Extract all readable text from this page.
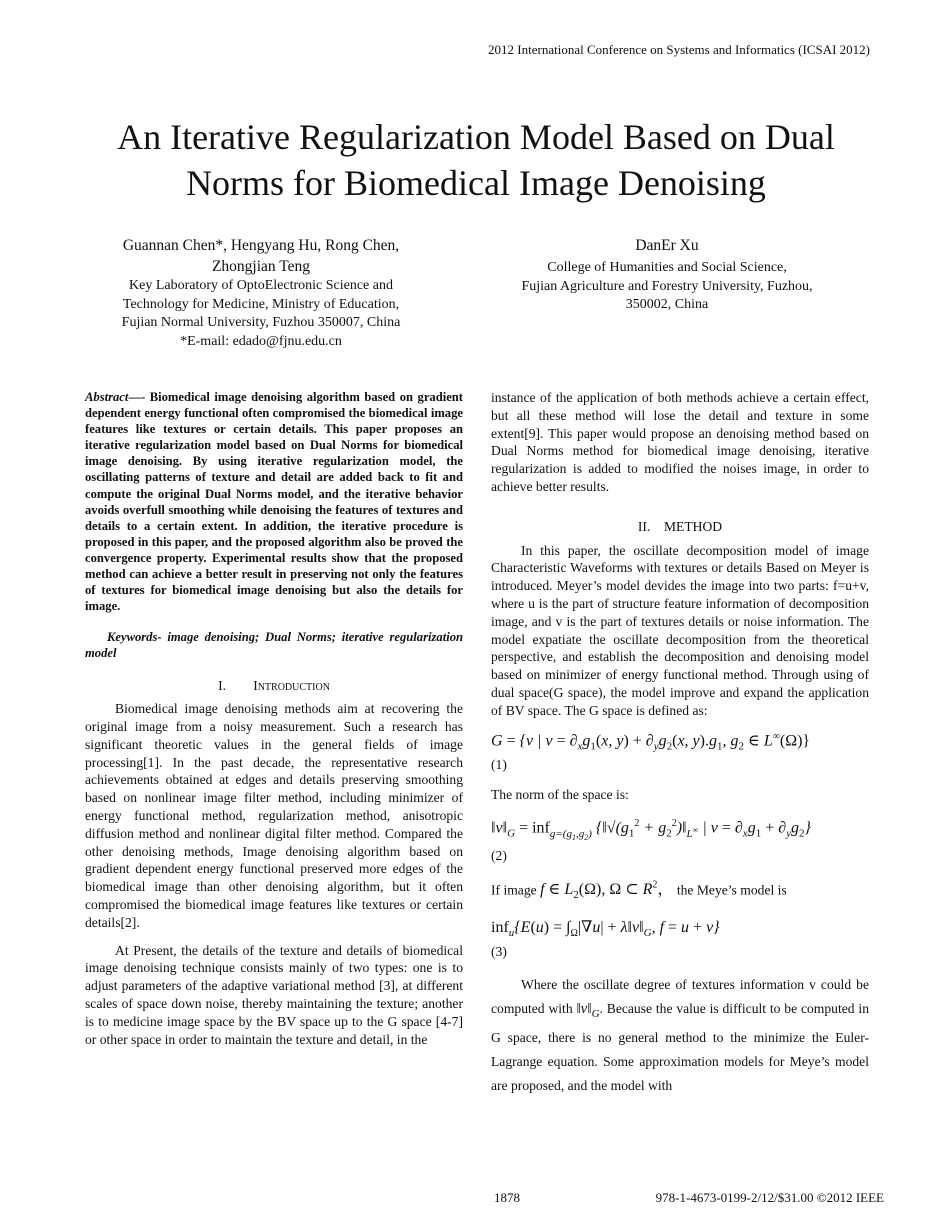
2012 International Conference on Systems and Informatics (ICSAI 2012)
An Iterative Regularization Model Based on Dual
Norms for Biomedical Image Denoising
Guannan Chen*, Hengyang Hu, Rong Chen,
Zhongjian Teng
Key Laboratory of OptoElectronic Science and
Technology for Medicine, Ministry of Education,
Fujian Normal University, Fuzhou 350007, China
*E-mail: edado@fjnu.edu.cn
DanEr Xu
College of Humanities and Social Science,
Fujian Agriculture and Forestry University, Fuzhou,
350002, China

Abstract—- Biomedical image denoising algorithm based on gradient dependent energy functional often compromised the biomedical image features like textures or certain details. This paper proposes an iterative regularization model based on Dual Norms for biomedical image denoising. By using iterative regularization model, the oscillating patterns of texture and detail are added back to fit and compute the original Dual Norms model, and the iterative behavior avoids overfull smoothing while denoising the features of textures and details to a certain extent. In addition, the iterative procedure is proposed in this paper, and the proposed algorithm also be proved the convergence property. Experimental results show that the proposed method can achieve a better result in preserving not only the features of textures for biomedical image denoising but also the details for image.

Keywords- image denoising; Dual Norms; iterative regularization model

I. Introduction

Biomedical image denoising methods aim at recovering the original image from a noisy measurement. Such a research has significant theoretic values in the general fields of image processing[1]. In the past decade, the representative research achievements obtained at edges and details preserving smoothing based on nonlinear image filter method, including minimizer of energy functional method, regularization method, anisotropic diffusion method and nonlinear digital filter method. Compared the other denoising methods, Image denoising algorithm based on gradient dependent energy functional preserved more edges of the biomedical image than other denoising algorithm, but it often compromised the biomedical image features like textures or certain details[2].

At Present, the details of the texture and details of biomedical image denoising technique consists mainly of two types: one is to adjust parameters of the adaptive variational method [3], at different scales of space down noise, thereby maintaining the texture; another is to medicine image space by the BV space up to the G space [4-7] or other space in order to maintain the texture and detail, in the

instance of the application of both methods achieve a certain effect, but all these method will lose the detail and texture in some extent[9]. This paper would propose an denoising method based on Dual Norms method for biomedical image denoising, iterative regularization is added to modified the noises image, in order to achieve better results.

II. METHOD

In this paper, the oscillate decomposition model of image Characteristic Waveforms with textures or details Based on Meyer is introduced. Meyer’s model devides the image into two parts: f=u+v, where u is the part of structure feature information of decomposition image, and v is the part of textures details or noise information. The model expatiate the oscillate decomposition from the theoretical perspective, and establish the decomposition and denoising model based on minimizer of energy functional method. Through using of dual space(G space), the model improve and expand the application of BV space. The G space is defined as:

G = {v | $v = \partial_xg_1(x$, $y) + \partial_yg_2(x$, $y).g_1$, $g_2$ ∈ L∞(Ω)}

(1)

The norm of the space is:

$‖v‖_G = inf_{g=(g_1,g_2)}$ {$‖√(g_1^2$ + $g_2^2)‖_{L^\infty}$ | $v = \partial_xg_1 + \partial_yg_2$}

(2)

If image f ∈ $L_2(\Omega)$, Ω ⊂ $R^2$， the Meye’s model is

$inf_u\{E(u) = \int_\Omega|\nabla u|$ + $\lambda‖v‖_G$, f = u + v}

(3)

Where the oscillate degree of textures information v could be computed with $‖v‖_G$. Because the value is difficult to be computed in G space, there is no general method to the minimize the Euler-Lagrange equation. Some approximation models for Meye’s model are proposed, and the model with

1878	978-1-4673-0199-2/12/$31.00 ©2012 IEEE
